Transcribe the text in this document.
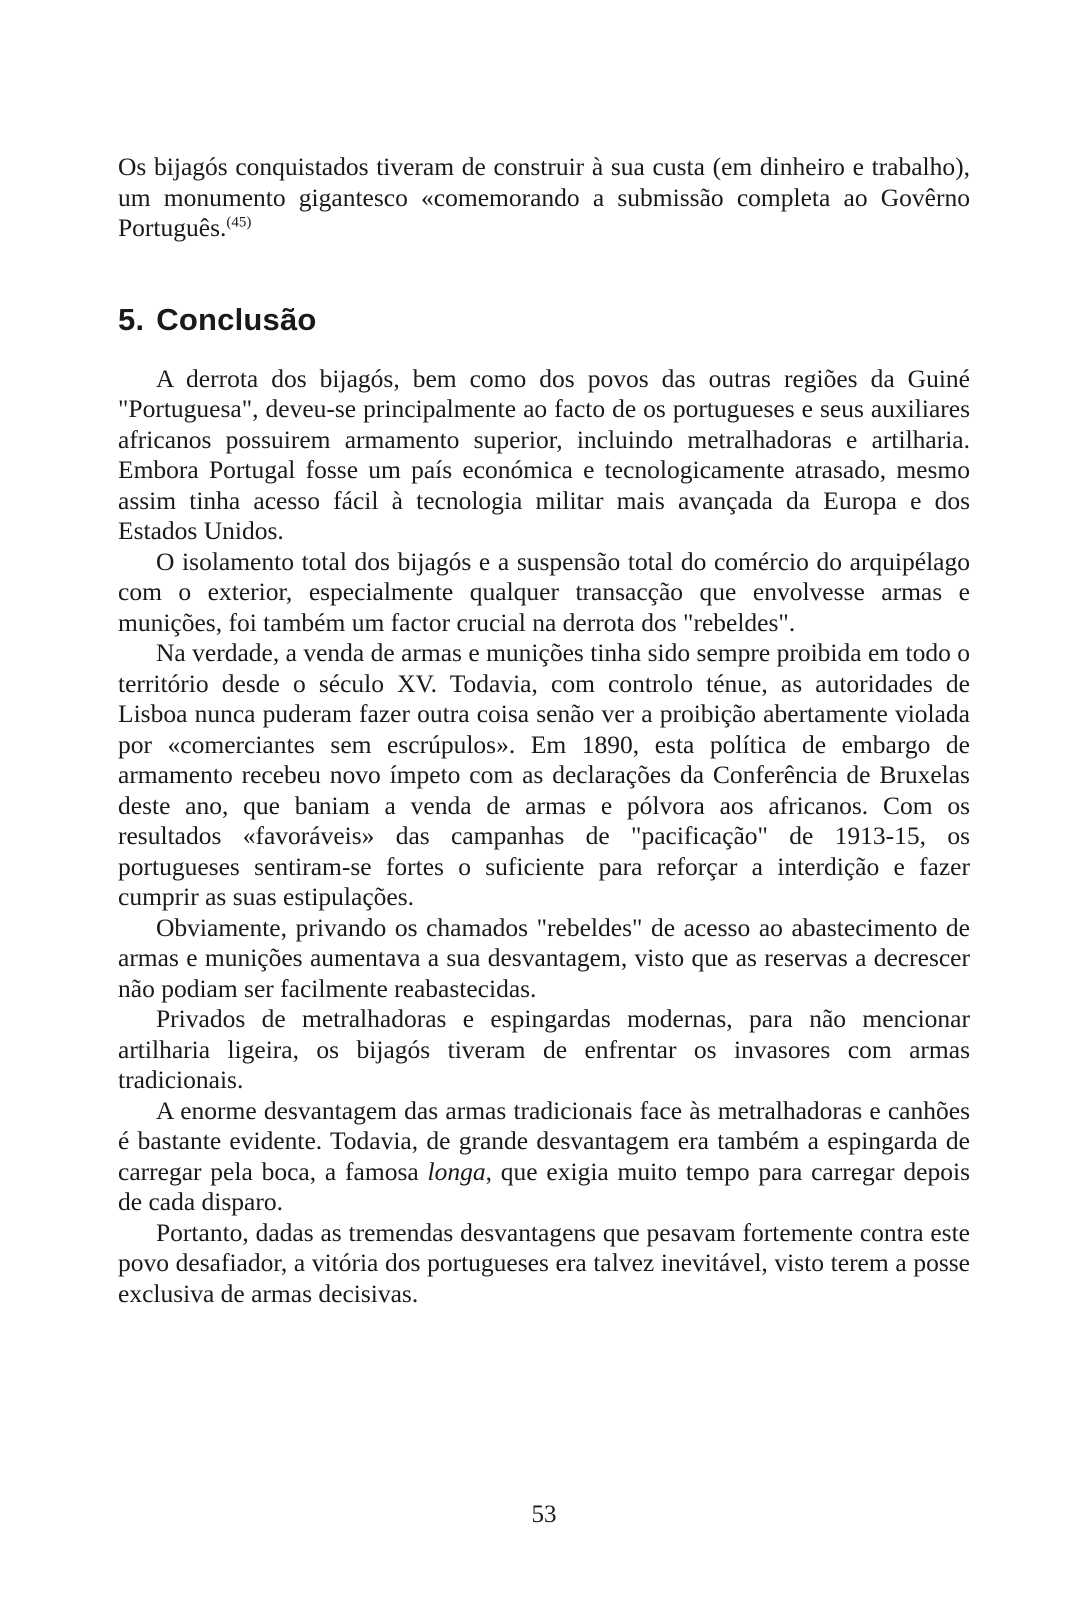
Os bijagós conquistados tiveram de construir à sua custa (em dinheiro e trabalho), um monumento gigantesco «comemorando a submissão completa ao Govêrno Português.$^{(45)}$

5. Conclusão

A derrota dos bijagós, bem como dos povos das outras regiões da Guiné "Portuguesa", deveu-se principalmente ao facto de os portugueses e seus auxiliares africanos possuirem armamento superior, incluindo metralhadoras e artilharia. Embora Portugal fosse um país económica e tecnologicamente atrasado, mesmo assim tinha acesso fácil à tecnologia militar mais avançada da Europa e dos Estados Unidos.

O isolamento total dos bijagós e a suspensão total do comércio do arquipélago com o exterior, especialmente qualquer transacção que envolvesse armas e munições, foi também um factor crucial na derrota dos "rebeldes".

Na verdade, a venda de armas e munições tinha sido sempre proibida em todo o território desde o século XV. Todavia, com controlo ténue, as autoridades de Lisboa nunca puderam fazer outra coisa senão ver a proibição abertamente violada por «comerciantes sem escrúpulos». Em 1890, esta política de embargo de armamento recebeu novo ímpeto com as declarações da Conferência de Bruxelas deste ano, que baniam a venda de armas e pólvora aos africanos. Com os resultados «favoráveis» das campanhas de "pacificação" de 1913-15, os portugueses sentiram-se fortes o suficiente para reforçar a interdição e fazer cumprir as suas estipulações.

Obviamente, privando os chamados "rebeldes" de acesso ao abastecimento de armas e munições aumentava a sua desvantagem, visto que as reservas a decrescer não podiam ser facilmente reabastecidas.

Privados de metralhadoras e espingardas modernas, para não mencionar artilharia ligeira, os bijagós tiveram de enfrentar os invasores com armas tradicionais.

A enorme desvantagem das armas tradicionais face às metralhadoras e canhões é bastante evidente. Todavia, de grande desvantagem era também a espingarda de carregar pela boca, a famosa longa, que exigia muito tempo para carregar depois de cada disparo.

Portanto, dadas as tremendas desvantagens que pesavam fortemente contra este povo desafiador, a vitória dos portugueses era talvez inevitável, visto terem a posse exclusiva de armas decisivas.

53
